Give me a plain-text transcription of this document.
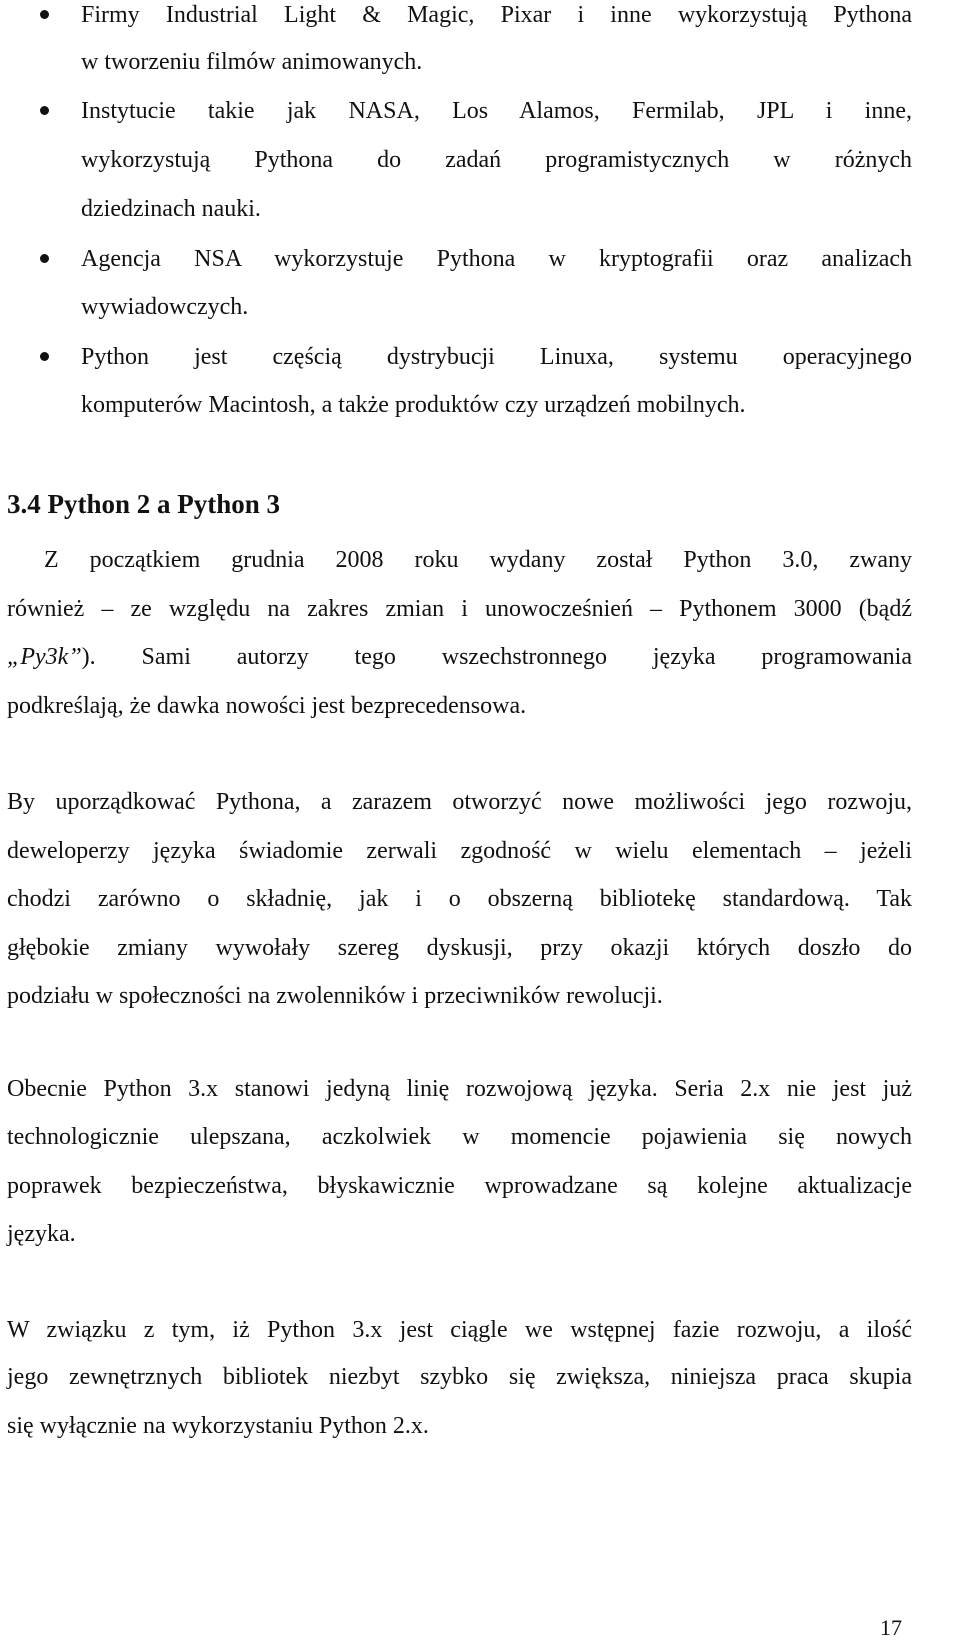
Firmy Industrial Light & Magic, Pixar i inne wykorzystują Pythona

w tworzeniu filmów animowanych.

Instytucie takie jak NASA, Los Alamos, Fermilab, JPL i inne,

wykorzystują Pythona do zadań programistycznych w różnych

dziedzinach nauki.

Agencja NSA wykorzystuje Pythona w kryptografii oraz analizach

wywiadowczych.

Python jest częścią dystrybucji Linuxa, systemu operacyjnego

komputerów Macintosh, a także produktów czy urządzeń mobilnych.

3.4 Python 2 a Python 3

Z początkiem grudnia 2008 roku wydany został Python 3.0, zwany

również – ze względu na zakres zmian i unowocześnień – Pythonem 3000 (bądź

„Py3k”). Sami autorzy tego wszechstronnego języka programowania

podkreślają, że dawka nowości jest bezprecedensowa.

By uporządkować Pythona, a zarazem otworzyć nowe możliwości jego rozwoju,

deweloperzy języka świadomie zerwali zgodność w wielu elementach – jeżeli

chodzi zarówno o składnię, jak i o obszerną bibliotekę standardową. Tak

głębokie zmiany wywołały szereg dyskusji, przy okazji których doszło do

podziału w społeczności na zwolenników i przeciwników rewolucji.

Obecnie Python 3.x stanowi jedyną linię rozwojową języka. Seria 2.x nie jest już

technologicznie ulepszana, aczkolwiek w momencie pojawienia się nowych

poprawek bezpieczeństwa, błyskawicznie wprowadzane są kolejne aktualizacje

języka.

W związku z tym, iż Python 3.x jest ciągle we wstępnej fazie rozwoju, a ilość

jego zewnętrznych bibliotek niezbyt szybko się zwiększa, niniejsza praca skupia

się wyłącznie na wykorzystaniu Python 2.x.

17
